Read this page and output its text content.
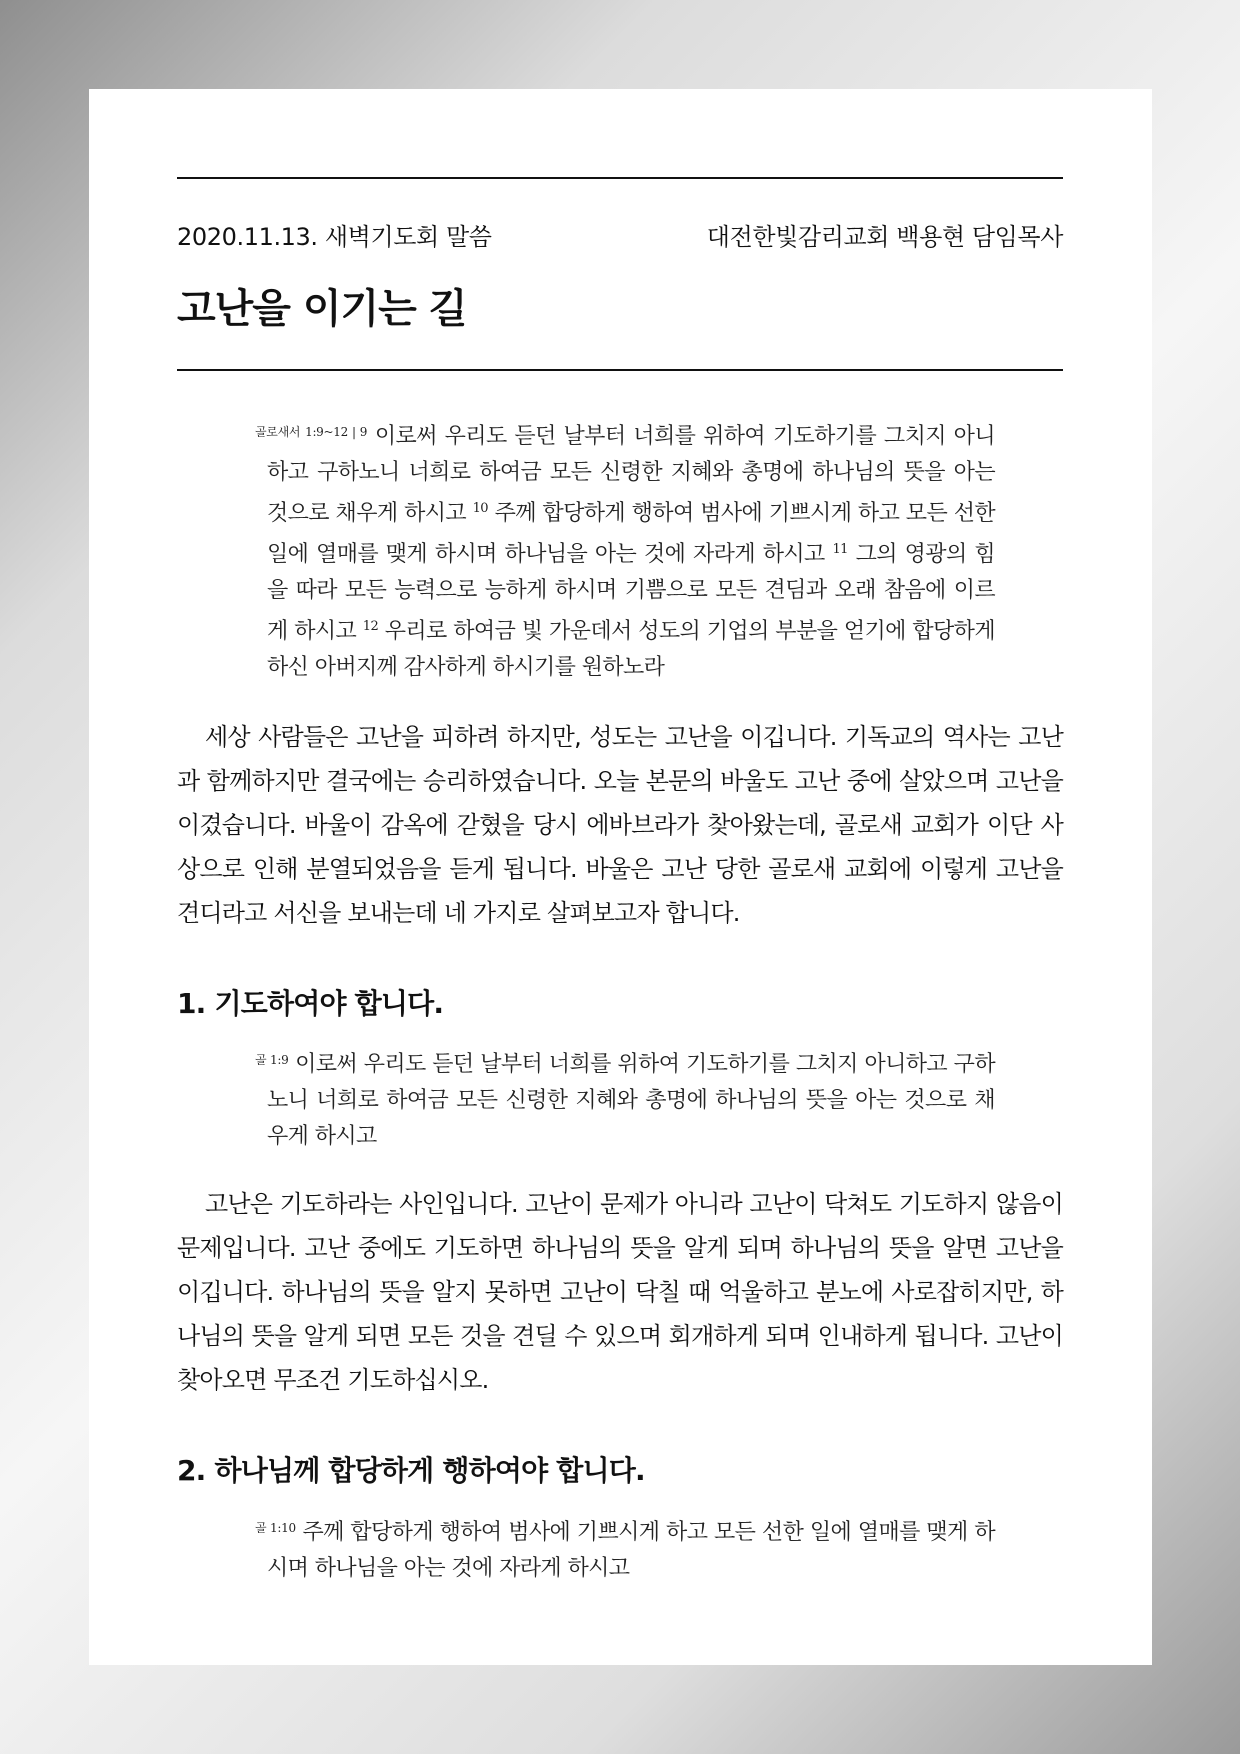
2020.11.13. 새벽기도회 말씀	대전한빛감리교회 백용현 담임목사
고난을 이기는 길

$^{골로새서 1:9\sim 12}$ | $^9$ 이로써 우리도 듣던 날부터 너희를 위하여 기도하기를 그치지 아니하고 구하노니 너희로 하여금 모든 신령한 지혜와 총명에 하나님의 뜻을 아는 것으로 채우게 하시고 $^{10}$ 주께 합당하게 행하여 범사에 기쁘시게 하고 모든 선한 일에 열매를 맺게 하시며 하나님을 아는 것에 자라게 하시고 $^{11}$ 그의 영광의 힘을 따라 모든 능력으로 능하게 하시며 기쁨으로 모든 견딤과 오래 참음에 이르게 하시고 $^{12}$ 우리로 하여금 빛 가운데서 성도의 기업의 부분을 얻기에 합당하게 하신 아버지께 감사하게 하시기를 원하노라

세상 사람들은 고난을 피하려 하지만, 성도는 고난을 이깁니다. 기독교의 역사는 고난과 함께하지만 결국에는 승리하였습니다. 오늘 본문의 바울도 고난 중에 살았으며 고난을 이겼습니다. 바울이 감옥에 갇혔을 당시 에바브라가 찾아왔는데, 골로새 교회가 이단 사상으로 인해 분열되었음을 듣게 됩니다. 바울은 고난 당한 골로새 교회에 이렇게 고난을 견디라고 서신을 보내는데 네 가지로 살펴보고자 합니다.

1. 기도하여야 합니다.

$^{골 1:9}$ 이로써 우리도 듣던 날부터 너희를 위하여 기도하기를 그치지 아니하고 구하노니 너희로 하여금 모든 신령한 지혜와 총명에 하나님의 뜻을 아는 것으로 채우게 하시고

고난은 기도하라는 사인입니다. 고난이 문제가 아니라 고난이 닥쳐도 기도하지 않음이 문제입니다. 고난 중에도 기도하면 하나님의 뜻을 알게 되며 하나님의 뜻을 알면 고난을 이깁니다. 하나님의 뜻을 알지 못하면 고난이 닥칠 때 억울하고 분노에 사로잡히지만, 하나님의 뜻을 알게 되면 모든 것을 견딜 수 있으며 회개하게 되며 인내하게 됩니다. 고난이 찾아오면 무조건 기도하십시오.

2. 하나님께 합당하게 행하여야 합니다.

$^{골 1:10}$ 주께 합당하게 행하여 범사에 기쁘시게 하고 모든 선한 일에 열매를 맺게 하시며 하나님을 아는 것에 자라게 하시고
